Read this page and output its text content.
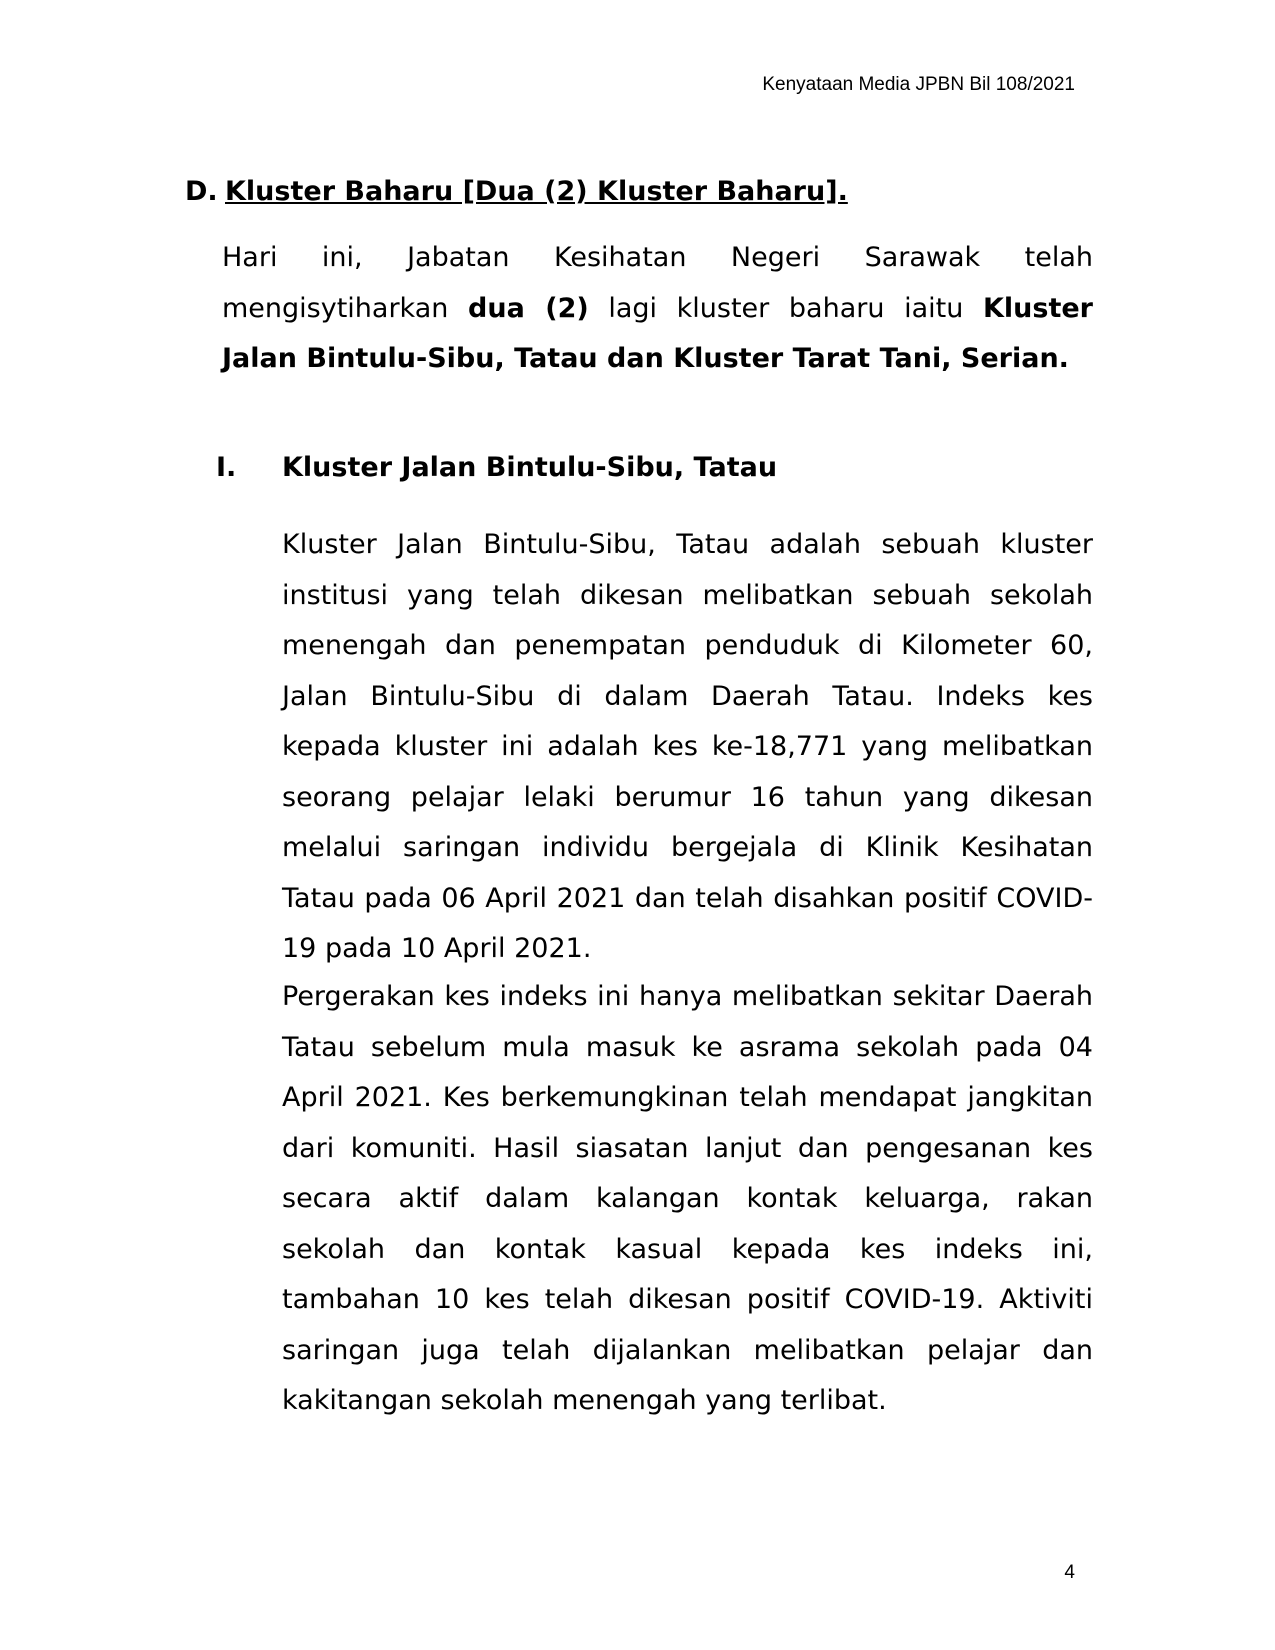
Kenyataan Media JPBN Bil 108/2021
D. Kluster Baharu [Dua (2) Kluster Baharu].

Hari ini, Jabatan Kesihatan Negeri Sarawak telah mengisytiharkan dua (2) lagi kluster baharu iaitu Kluster Jalan Bintulu-Sibu, Tatau dan Kluster Tarat Tani, Serian.

I. Kluster Jalan Bintulu-Sibu, Tatau

Kluster Jalan Bintulu-Sibu, Tatau adalah sebuah kluster institusi yang telah dikesan melibatkan sebuah sekolah menengah dan penempatan penduduk di Kilometer 60, Jalan Bintulu-Sibu di dalam Daerah Tatau. Indeks kes kepada kluster ini adalah kes ke-18,771 yang melibatkan seorang pelajar lelaki berumur 16 tahun yang dikesan melalui saringan individu bergejala di Klinik Kesihatan Tatau pada 06 April 2021 dan telah disahkan positif COVID-19 pada 10 April 2021.

Pergerakan kes indeks ini hanya melibatkan sekitar Daerah Tatau sebelum mula masuk ke asrama sekolah pada 04 April 2021. Kes berkemungkinan telah mendapat jangkitan dari komuniti. Hasil siasatan lanjut dan pengesanan kes secara aktif dalam kalangan kontak keluarga, rakan sekolah dan kontak kasual kepada kes indeks ini, tambahan 10 kes telah dikesan positif COVID-19. Aktiviti saringan juga telah dijalankan melibatkan pelajar dan kakitangan sekolah menengah yang terlibat.

4
